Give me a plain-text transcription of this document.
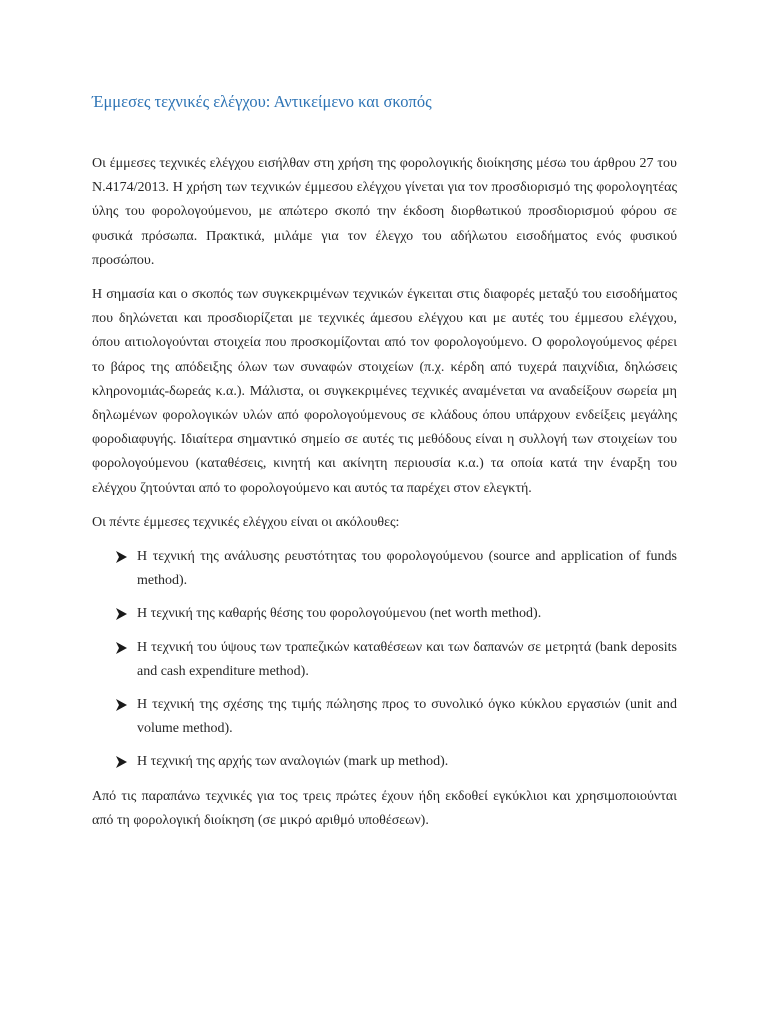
Έμμεσες τεχνικές ελέγχου: Αντικείμενο και σκοπός

Οι έμμεσες τεχνικές ελέγχου εισήλθαν στη χρήση της φορολογικής διοίκησης μέσω του άρθρου 27 του Ν.4174/2013. Η χρήση των τεχνικών έμμεσου ελέγχου γίνεται για τον προσδιορισμό της φορολογητέας ύλης του φορολογούμενου, με απώτερο σκοπό την έκδοση διορθωτικού προσδιορισμού φόρου σε φυσικά πρόσωπα. Πρακτικά, μιλάμε για τον έλεγχο του αδήλωτου εισοδήματος ενός φυσικού προσώπου.

Η σημασία και ο σκοπός των συγκεκριμένων τεχνικών έγκειται στις διαφορές μεταξύ του εισοδήματος που δηλώνεται και προσδιορίζεται με τεχνικές άμεσου ελέγχου και με αυτές του έμμεσου ελέγχου, όπου αιτιολογούνται στοιχεία που προσκομίζονται από τον φορολογούμενο. Ο φορολογούμενος φέρει το βάρος της απόδειξης όλων των συναφών στοιχείων (π.χ. κέρδη από τυχερά παιχνίδια, δηλώσεις κληρονομιάς-δωρεάς κ.α.). Μάλιστα, οι συγκεκριμένες τεχνικές αναμένεται να αναδείξουν σωρεία μη δηλωμένων φορολογικών υλών από φορολογούμενους σε κλάδους όπου υπάρχουν ενδείξεις μεγάλης φοροδιαφυγής. Ιδιαίτερα σημαντικό σημείο σε αυτές τις μεθόδους είναι η συλλογή των στοιχείων του φορολογούμενου (καταθέσεις, κινητή και ακίνητη περιουσία κ.α.) τα οποία κατά την έναρξη του ελέγχου ζητούνται από το φορολογούμενο και αυτός τα παρέχει στον ελεγκτή.

Οι πέντε έμμεσες τεχνικές ελέγχου είναι οι ακόλουθες:

Η τεχνική της ανάλυσης ρευστότητας του φορολογούμενου (source and application of funds method).
Η τεχνική της καθαρής θέσης του φορολογούμενου (net worth method).
Η τεχνική του ύψους των τραπεζικών καταθέσεων και των δαπανών σε μετρητά (bank deposits and cash expenditure method).
Η τεχνική της σχέσης της τιμής πώλησης προς το συνολικό όγκο κύκλου εργασιών (unit and volume method).
Η τεχνική της αρχής των αναλογιών (mark up method).

Από τις παραπάνω τεχνικές για τος τρεις πρώτες έχουν ήδη εκδοθεί εγκύκλιοι και χρησιμοποιούνται από τη φορολογική διοίκηση (σε μικρό αριθμό υποθέσεων).
